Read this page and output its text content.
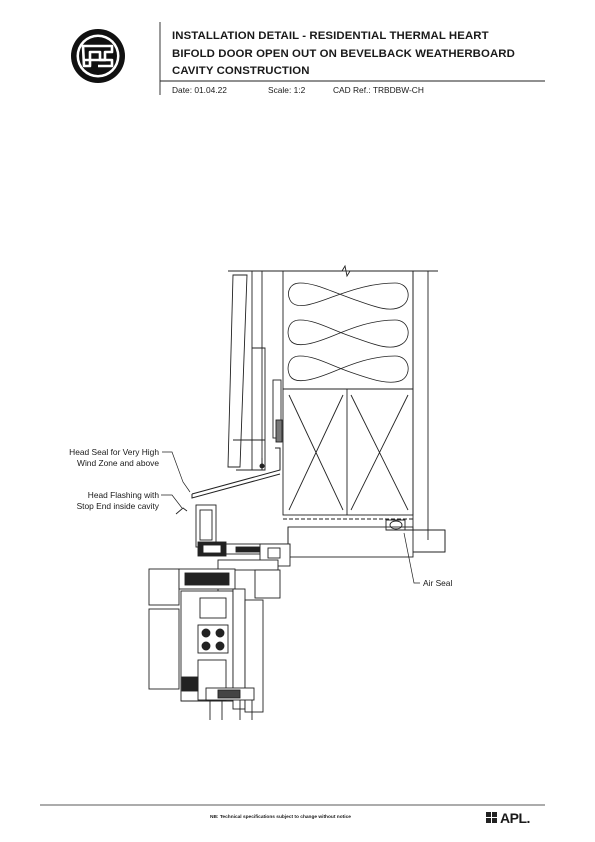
INSTALLATION DETAIL - RESIDENTIAL THERMAL HEART
BIFOLD DOOR OPEN OUT ON BEVELBACK WEATHERBOARD
CAVITY CONSTRUCTION
Date: 01.04.22	Scale: 1:2	CAD Ref.: TRBDBW-CH
Head Seal for Very High
Wind Zone and above
Head Flashing with
Stop End inside cavity
Air Seal
NB: Technical specifications subject to change without notice	APL.
